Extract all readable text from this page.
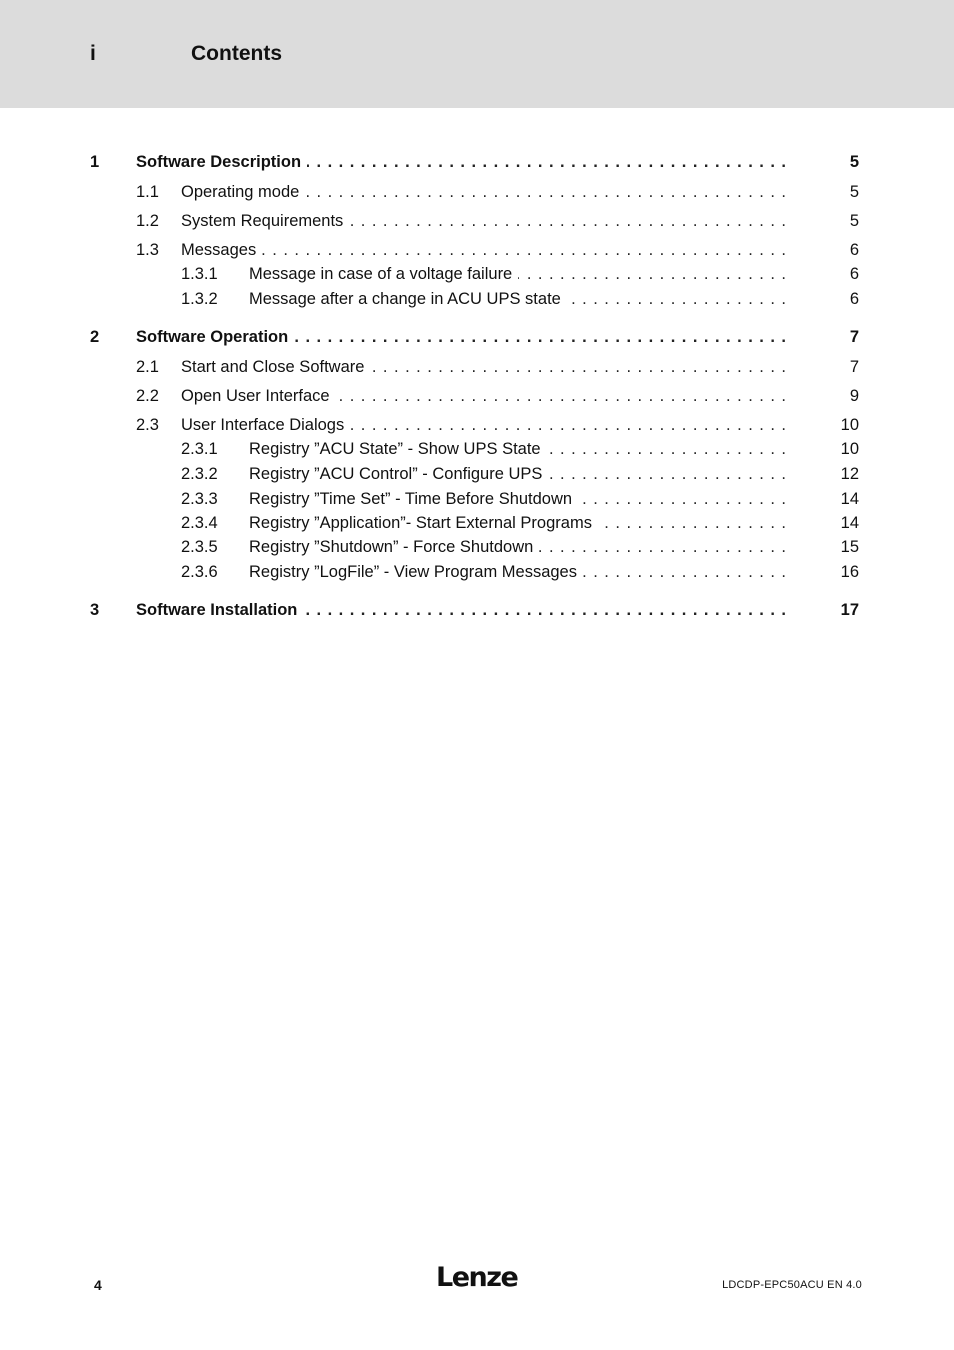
i	Contents
1 . . . Software Description	5
1.1 . . . Operating mode	5
1.2 . . . System Requirements	5
1.3 . . . Messages	6
1.3.1 . . . Message in case of a voltage failure	6
1.3.2 . . . Message after a change in ACU UPS state	6
2 . . . Software Operation	7
2.1 . . . Start and Close Software	7
2.2 . . . Open User Interface	9
2.3 . . . User Interface Dialogs	10
2.3.1 . . . Registry ”ACU State” - Show UPS State	10
2.3.2 . . . Registry ”ACU Control” - Configure UPS	12
2.3.3 . . . Registry ”Time Set” - Time Before Shutdown	14
2.3.4 . . . Registry ”Application”- Start External Programs	14
2.3.5 . . . Registry ”Shutdown” - Force Shutdown	15
2.3.6 . . . Registry ”LogFile” - View Program Messages	16
3 . . . Software Installation	17
4	Lenze	LDCDP-EPC50ACU EN 4.0
